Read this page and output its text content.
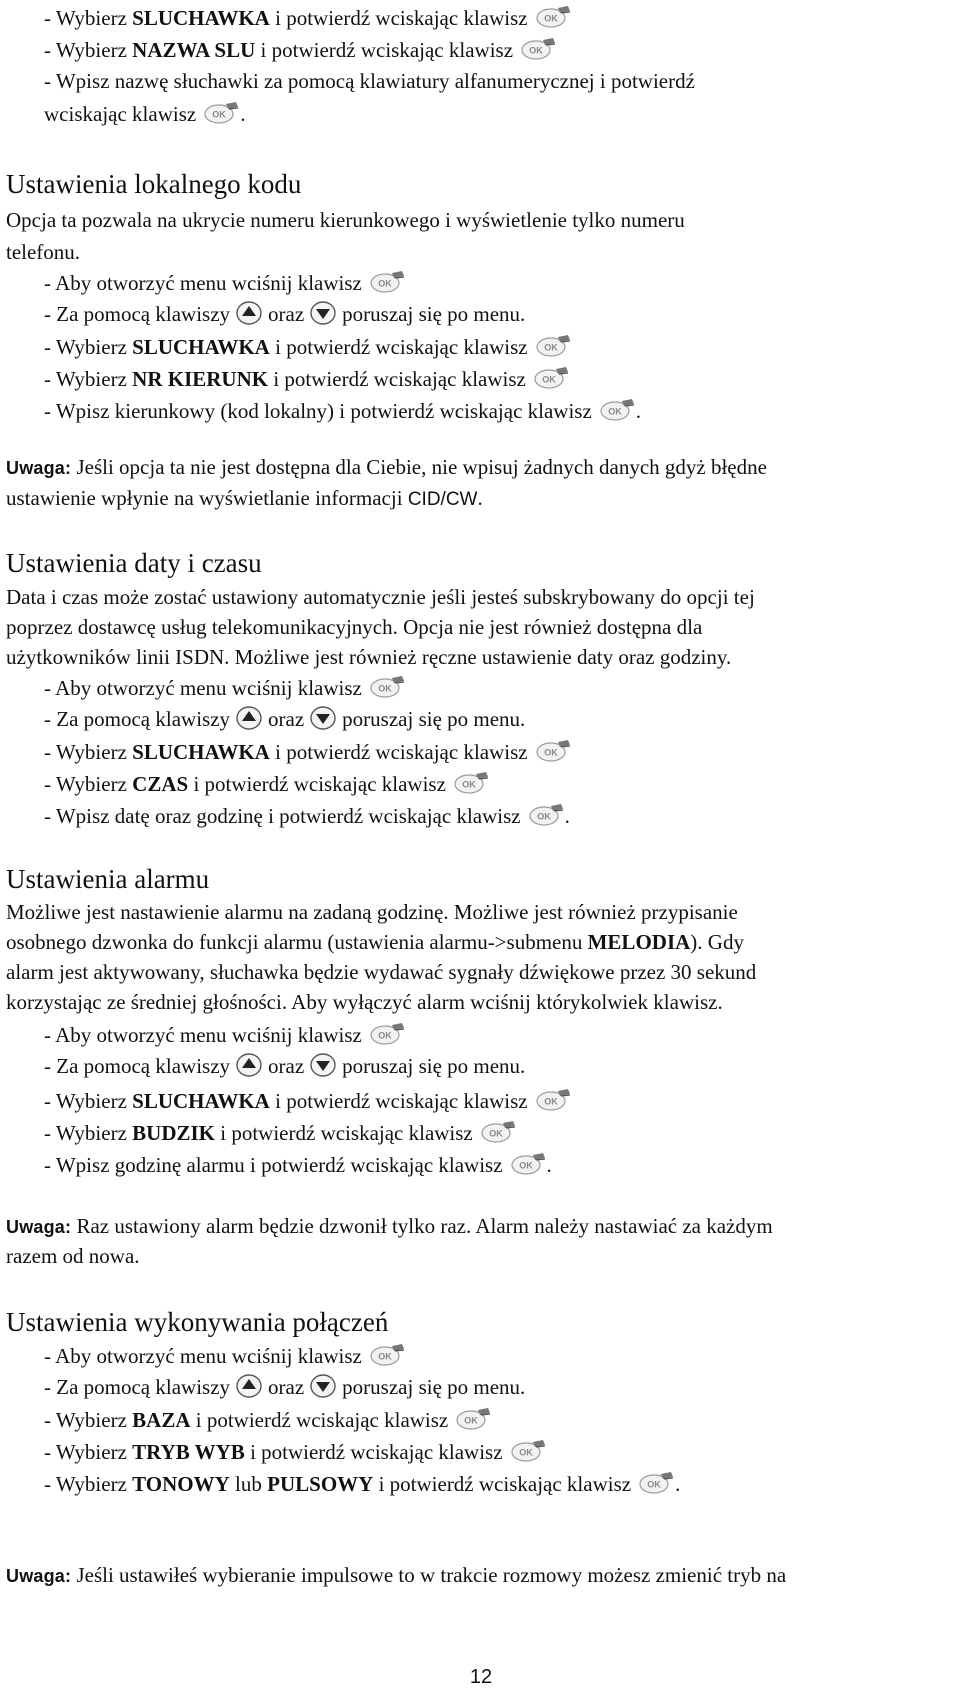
- Wybierz SLUCHAWKA i potwierdź wciskając klawisz OK
- Wybierz NAZWA SLU i potwierdź wciskając klawisz OK
- Wpisz nazwę słuchawki za pomocą klawiatury alfanumerycznej i potwierdź
wciskając klawisz OK .
Ustawienia lokalnego kodu
Opcja ta pozwala na ukrycie numeru kierunkowego i wyświetlenie tylko numeru
telefonu.
- Aby otworzyć menu wciśnij klawisz OK
- Za pomocą klawiszy oraz poruszaj się po menu.
- Wybierz SLUCHAWKA i potwierdź wciskając klawisz OK
- Wybierz NR KIERUNK i potwierdź wciskając klawisz OK
- Wpisz kierunkowy (kod lokalny) i potwierdź wciskając klawisz OK .
Uwaga: Jeśli opcja ta nie jest dostępna dla Ciebie, nie wpisuj żadnych danych gdyż błędne
ustawienie wpłynie na wyświetlanie informacji CID/CW.
Ustawienia daty i czasu
Data i czas może zostać ustawiony automatycznie jeśli jesteś subskrybowany do opcji tej
poprzez dostawcę usług telekomunikacyjnych. Opcja nie jest również dostępna dla
użytkowników linii ISDN. Możliwe jest również ręczne ustawienie daty oraz godziny.
- Aby otworzyć menu wciśnij klawisz OK
- Za pomocą klawiszy oraz poruszaj się po menu.
- Wybierz SLUCHAWKA i potwierdź wciskając klawisz OK
- Wybierz CZAS i potwierdź wciskając klawisz OK
- Wpisz datę oraz godzinę i potwierdź wciskając klawisz OK .
Ustawienia alarmu
Możliwe jest nastawienie alarmu na zadaną godzinę. Możliwe jest również przypisanie
osobnego dzwonka do funkcji alarmu (ustawienia alarmu->submenu MELODIA). Gdy
alarm jest aktywowany, słuchawka będzie wydawać sygnały dźwiękowe przez 30 sekund
korzystając ze średniej głośności. Aby wyłączyć alarm wciśnij którykolwiek klawisz.
- Aby otworzyć menu wciśnij klawisz OK
- Za pomocą klawiszy oraz poruszaj się po menu.
- Wybierz SLUCHAWKA i potwierdź wciskając klawisz OK
- Wybierz BUDZIK i potwierdź wciskając klawisz OK
- Wpisz godzinę alarmu i potwierdź wciskając klawisz OK .
Uwaga: Raz ustawiony alarm będzie dzwonił tylko raz. Alarm należy nastawiać za każdym
razem od nowa.
Ustawienia wykonywania połączeń
- Aby otworzyć menu wciśnij klawisz OK
- Za pomocą klawiszy oraz poruszaj się po menu.
- Wybierz BAZA i potwierdź wciskając klawisz OK
- Wybierz TRYB WYB i potwierdź wciskając klawisz OK
- Wybierz TONOWY lub PULSOWY i potwierdź wciskając klawisz OK .
Uwaga: Jeśli ustawiłeś wybieranie impulsowe to w trakcie rozmowy możesz zmienić tryb na
12
